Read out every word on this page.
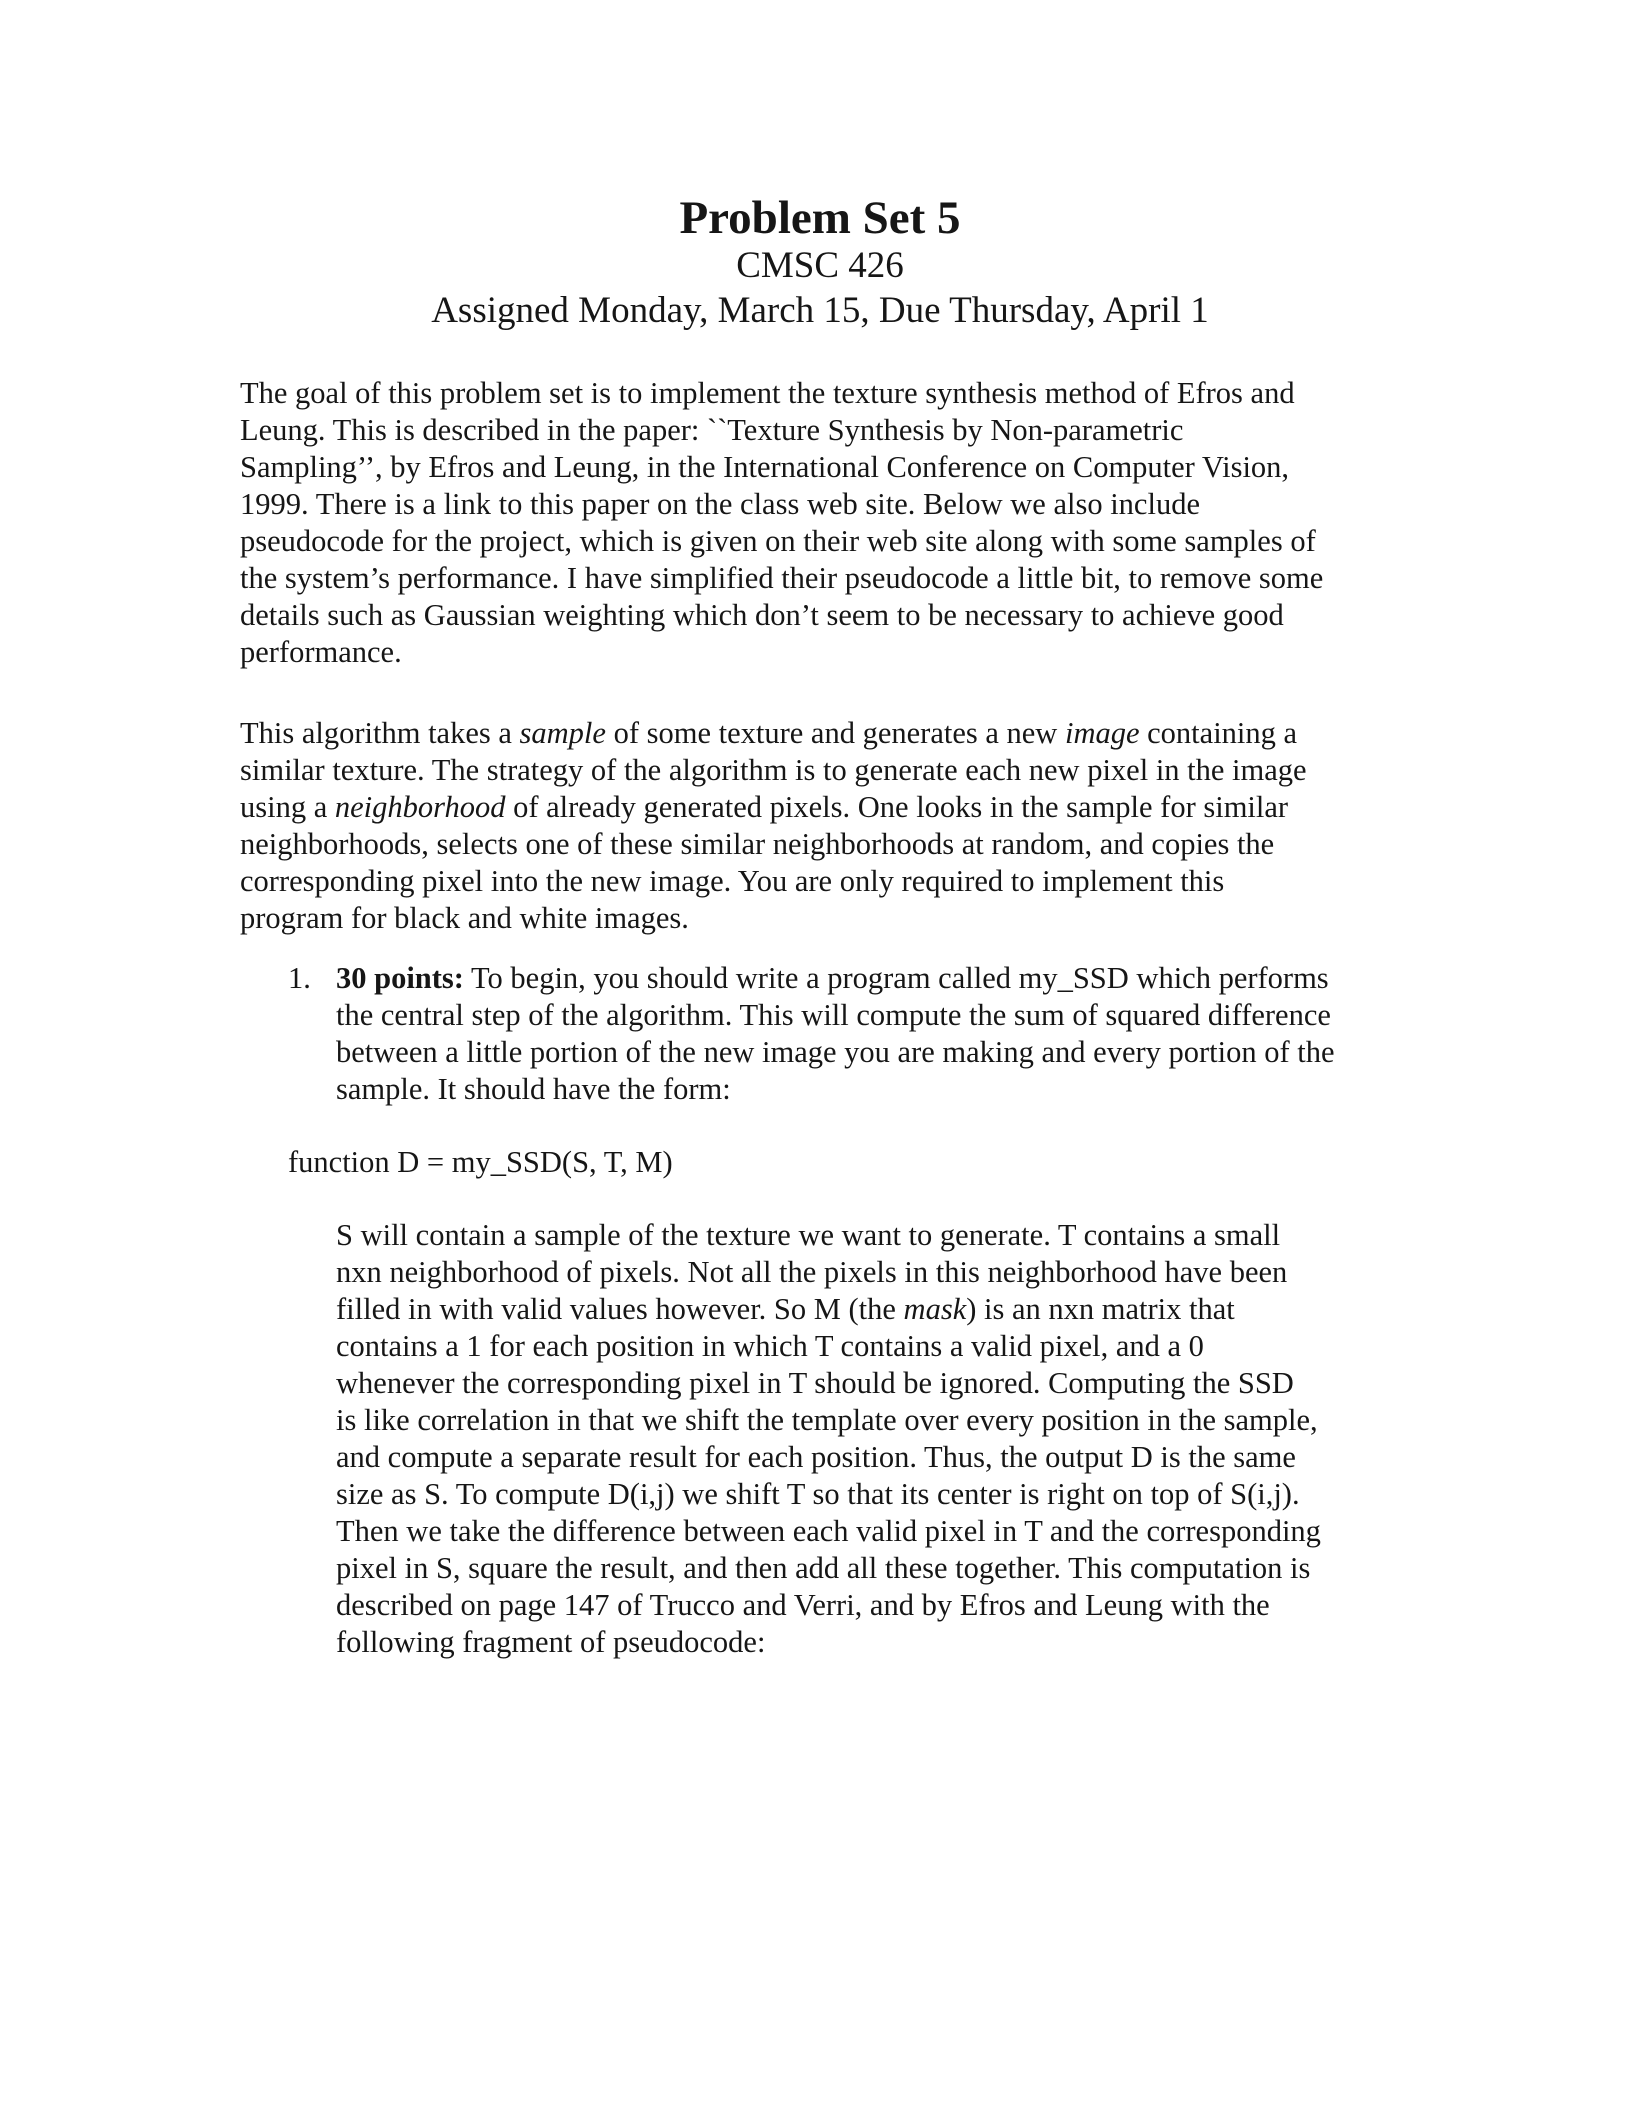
Problem Set 5
CMSC 426
Assigned Monday, March 15, Due Thursday, April 1

The goal of this problem set is to implement the texture synthesis method of Efros and
Leung. This is described in the paper: ``Texture Synthesis by Non-parametric
Sampling’’, by Efros and Leung, in the International Conference on Computer Vision,
1999. There is a link to this paper on the class web site. Below we also include
pseudocode for the project, which is given on their web site along with some samples of
the system’s performance. I have simplified their pseudocode a little bit, to remove some
details such as Gaussian weighting which don’t seem to be necessary to achieve good
performance.

This algorithm takes a sample of some texture and generates a new image containing a
similar texture. The strategy of the algorithm is to generate each new pixel in the image
using a neighborhood of already generated pixels. One looks in the sample for similar
neighborhoods, selects one of these similar neighborhoods at random, and copies the
corresponding pixel into the new image. You are only required to implement this
program for black and white images.

1. 30 points: To begin, you should write a program called my_SSD which performs
the central step of the algorithm. This will compute the sum of squared difference
between a little portion of the new image you are making and every portion of the
sample. It should have the form:
function D = my_SSD(S, T, M)

S will contain a sample of the texture we want to generate. T contains a small
nxn neighborhood of pixels. Not all the pixels in this neighborhood have been
filled in with valid values however. So M (the mask) is an nxn matrix that
contains a 1 for each position in which T contains a valid pixel, and a 0
whenever the corresponding pixel in T should be ignored. Computing the SSD
is like correlation in that we shift the template over every position in the sample,
and compute a separate result for each position. Thus, the output D is the same
size as S. To compute D(i,j) we shift T so that its center is right on top of S(i,j).
Then we take the difference between each valid pixel in T and the corresponding
pixel in S, square the result, and then add all these together. This computation is
described on page 147 of Trucco and Verri, and by Efros and Leung with the
following fragment of pseudocode:
